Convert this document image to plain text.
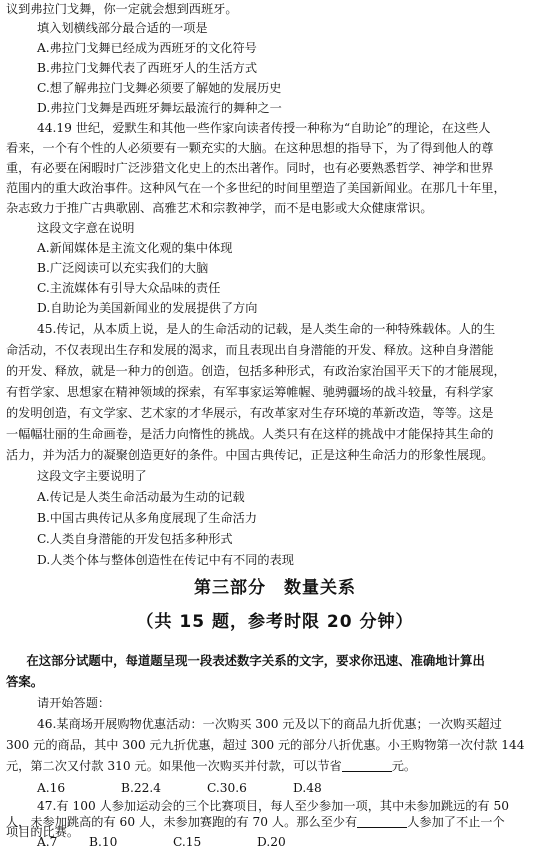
议到弗拉门戈舞，你一定就会想到西班牙。
填入划横线部分最合适的一项是
A.弗拉门戈舞已经成为西班牙的文化符号
B.弗拉门戈舞代表了西班牙人的生活方式
C.想了解弗拉门戈舞必须要了解她的发展历史
D.弗拉门戈舞是西班牙舞坛最流行的舞种之一
44.19 世纪，爱默生和其他一些作家向读者传授一种称为“自助论”的理论，在这些人
看来，一个有个性的人必须要有一颗充实的大脑。在这种思想的指导下，为了得到他人的尊
重，有必要在闲暇时广泛涉猎文化史上的杰出著作。同时，也有必要熟悉哲学、神学和世界
范围内的重大政治事件。这种风气在一个多世纪的时间里塑造了美国新闻业。在那几十年里，
杂志致力于推广古典歌剧、高雅艺术和宗教神学，而不是电影或大众健康常识。
这段文字意在说明
A.新闻媒体是主流文化观的集中体现
B.广泛阅读可以充实我们的大脑
C.主流媒体有引导大众品味的责任
D.自助论为美国新闻业的发展提供了方向
45.传记，从本质上说，是人的生命活动的记载，是人类生命的一种特殊载体。人的生
命活动，不仅表现出生存和发展的渴求，而且表现出自身潜能的开发、释放。这种自身潜能
的开发、释放，就是一种力的创造。创造，包括多种形式，有政治家治国平天下的才能展现，
有哲学家、思想家在精神领域的探索，有军事家运筹帷幄、驰骋疆场的战斗较量，有科学家
的发明创造，有文学家、艺术家的才华展示，有改革家对生存环境的革新改造，等等。这是
一幅幅壮丽的生命画卷，是活力向惰性的挑战。人类只有在这样的挑战中才能保持其生命的
活力，并为活力的凝聚创造更好的条件。中国古典传记，正是这种生命活力的形象性展现。
这段文字主要说明了
A.传记是人类生命活动最为生动的记载
B.中国古典传记从多角度展现了生命活力
C.人类自身潜能的开发包括多种形式
D.人类个体与整体创造性在传记中有不同的表现
第三部分　数量关系
（共 15 题，参考时限 20 分钟）
　在这部分试题中，每道题呈现一段表述数字关系的文字，要求你迅速、准确地计算出
答案。
请开始答题：
46.某商场开展购物优惠活动：一次购买 300 元及以下的商品九折优惠；一次购买超过
300 元的商品，其中 300 元九折优惠，超过 300 元的部分八折优惠。小王购物第一次付款 144
元，第二次又付款 310 元。如果他一次购买并付款，可以节省	元。
A.16	B.22.4	C.30.6	D.48
47.有 100 人参加运动会的三个比赛项目，每人至少参加一项，其中未参加跳远的有 50
人，未参加跳高的有 60 人，未参加赛跑的有 70 人。那么至少有	人参加了不止一个
项目的比赛。
A.7	B.10	C.15	D.20
